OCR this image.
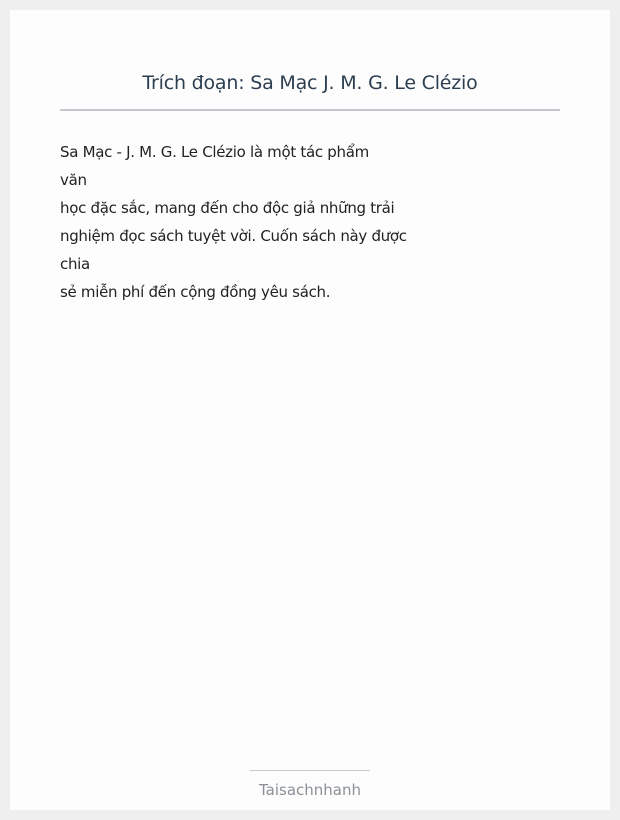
Trích đoạn: Sa Mạc J. M. G. Le Clézio
Sa Mạc - J. M. G. Le Clézio là một tác phẩm
văn
học đặc sắc, mang đến cho độc giả những trải
nghiệm đọc sách tuyệt vời. Cuốn sách này được
chia
sẻ miễn phí đến cộng đồng yêu sách.
Taisachnhanh
